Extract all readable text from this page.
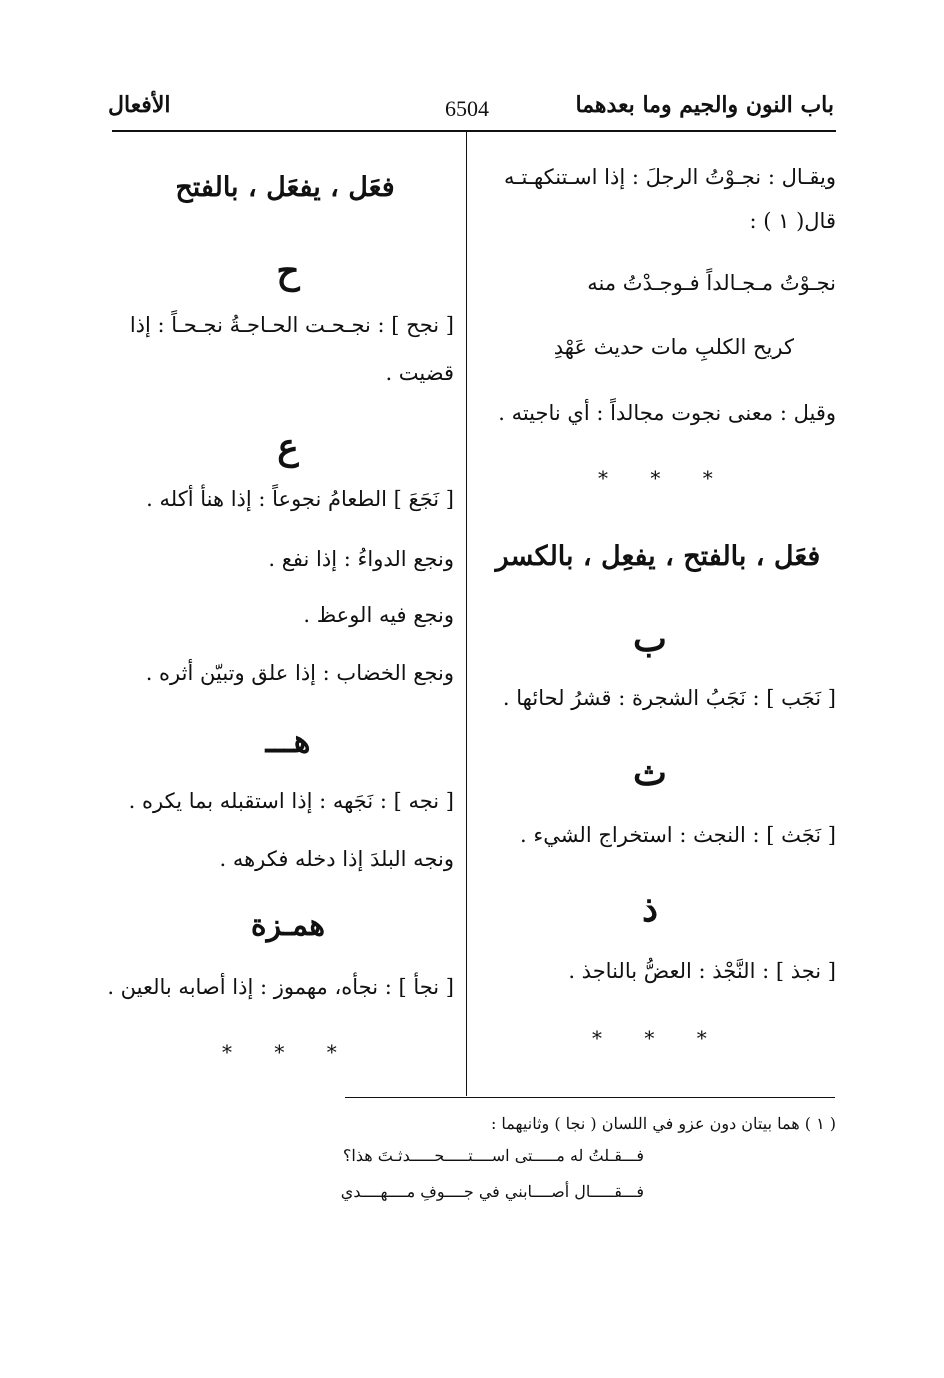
باب النون والجيم وما بعدهما
6504
الأفعال
ويقـال : نجـوْتُ الرجلَ : إذا اسـتنكهـتـه
قال( ١ ) :
نجـوْتُ مـجـالداً فـوجـدْتُ منه
كريح الكلبِ مات حديث عَهْدِ
وقيل : معنى نجوت مجالداً : أي ناجيته .
* * *
فعَل ، بالفتح ، يفعِل ، بالكسر
ب
[ نَجَب ] : نَجَبُ الشجرة : قشرُ لحائها .
ث
[ نَجَث ] : النجث : استخراج الشيء .
ذ
[ نجذ ] : النَّجْذ : العضُّ بالناجذ .
* * *
فعَل ، يفعَل ، بالفتح
ح
[ نجح ] : نجـحـت الحـاجـةُ نجـحـاً : إذا
قضيت .
ع
[ نَجَعَ ] الطعامُ نجوعاً : إذا هنأ أكله .
ونجع الدواءُ : إذا نفع .
ونجع فيه الوعظ .
ونجع الخضاب : إذا علق وتبيّن أثره .
هـــ
[ نجه ] : نَجَهه : إذا استقبله بما يكره .
ونجه البلدَ إذا دخله فكرهه .
همـزة
[ نجأ ] : نجأه، مهموز : إذا أصابه بالعين .
* * *
( ١ ) هما بيتان دون عزو في اللسان ( نجا ) وثانيهما :
فـــقـلتُ له مـــــتى اســــتـــــحـــــدثـتَ هذا؟
فـــقـــــال أصــــابني في جــــوفِ مــــهــــدي
